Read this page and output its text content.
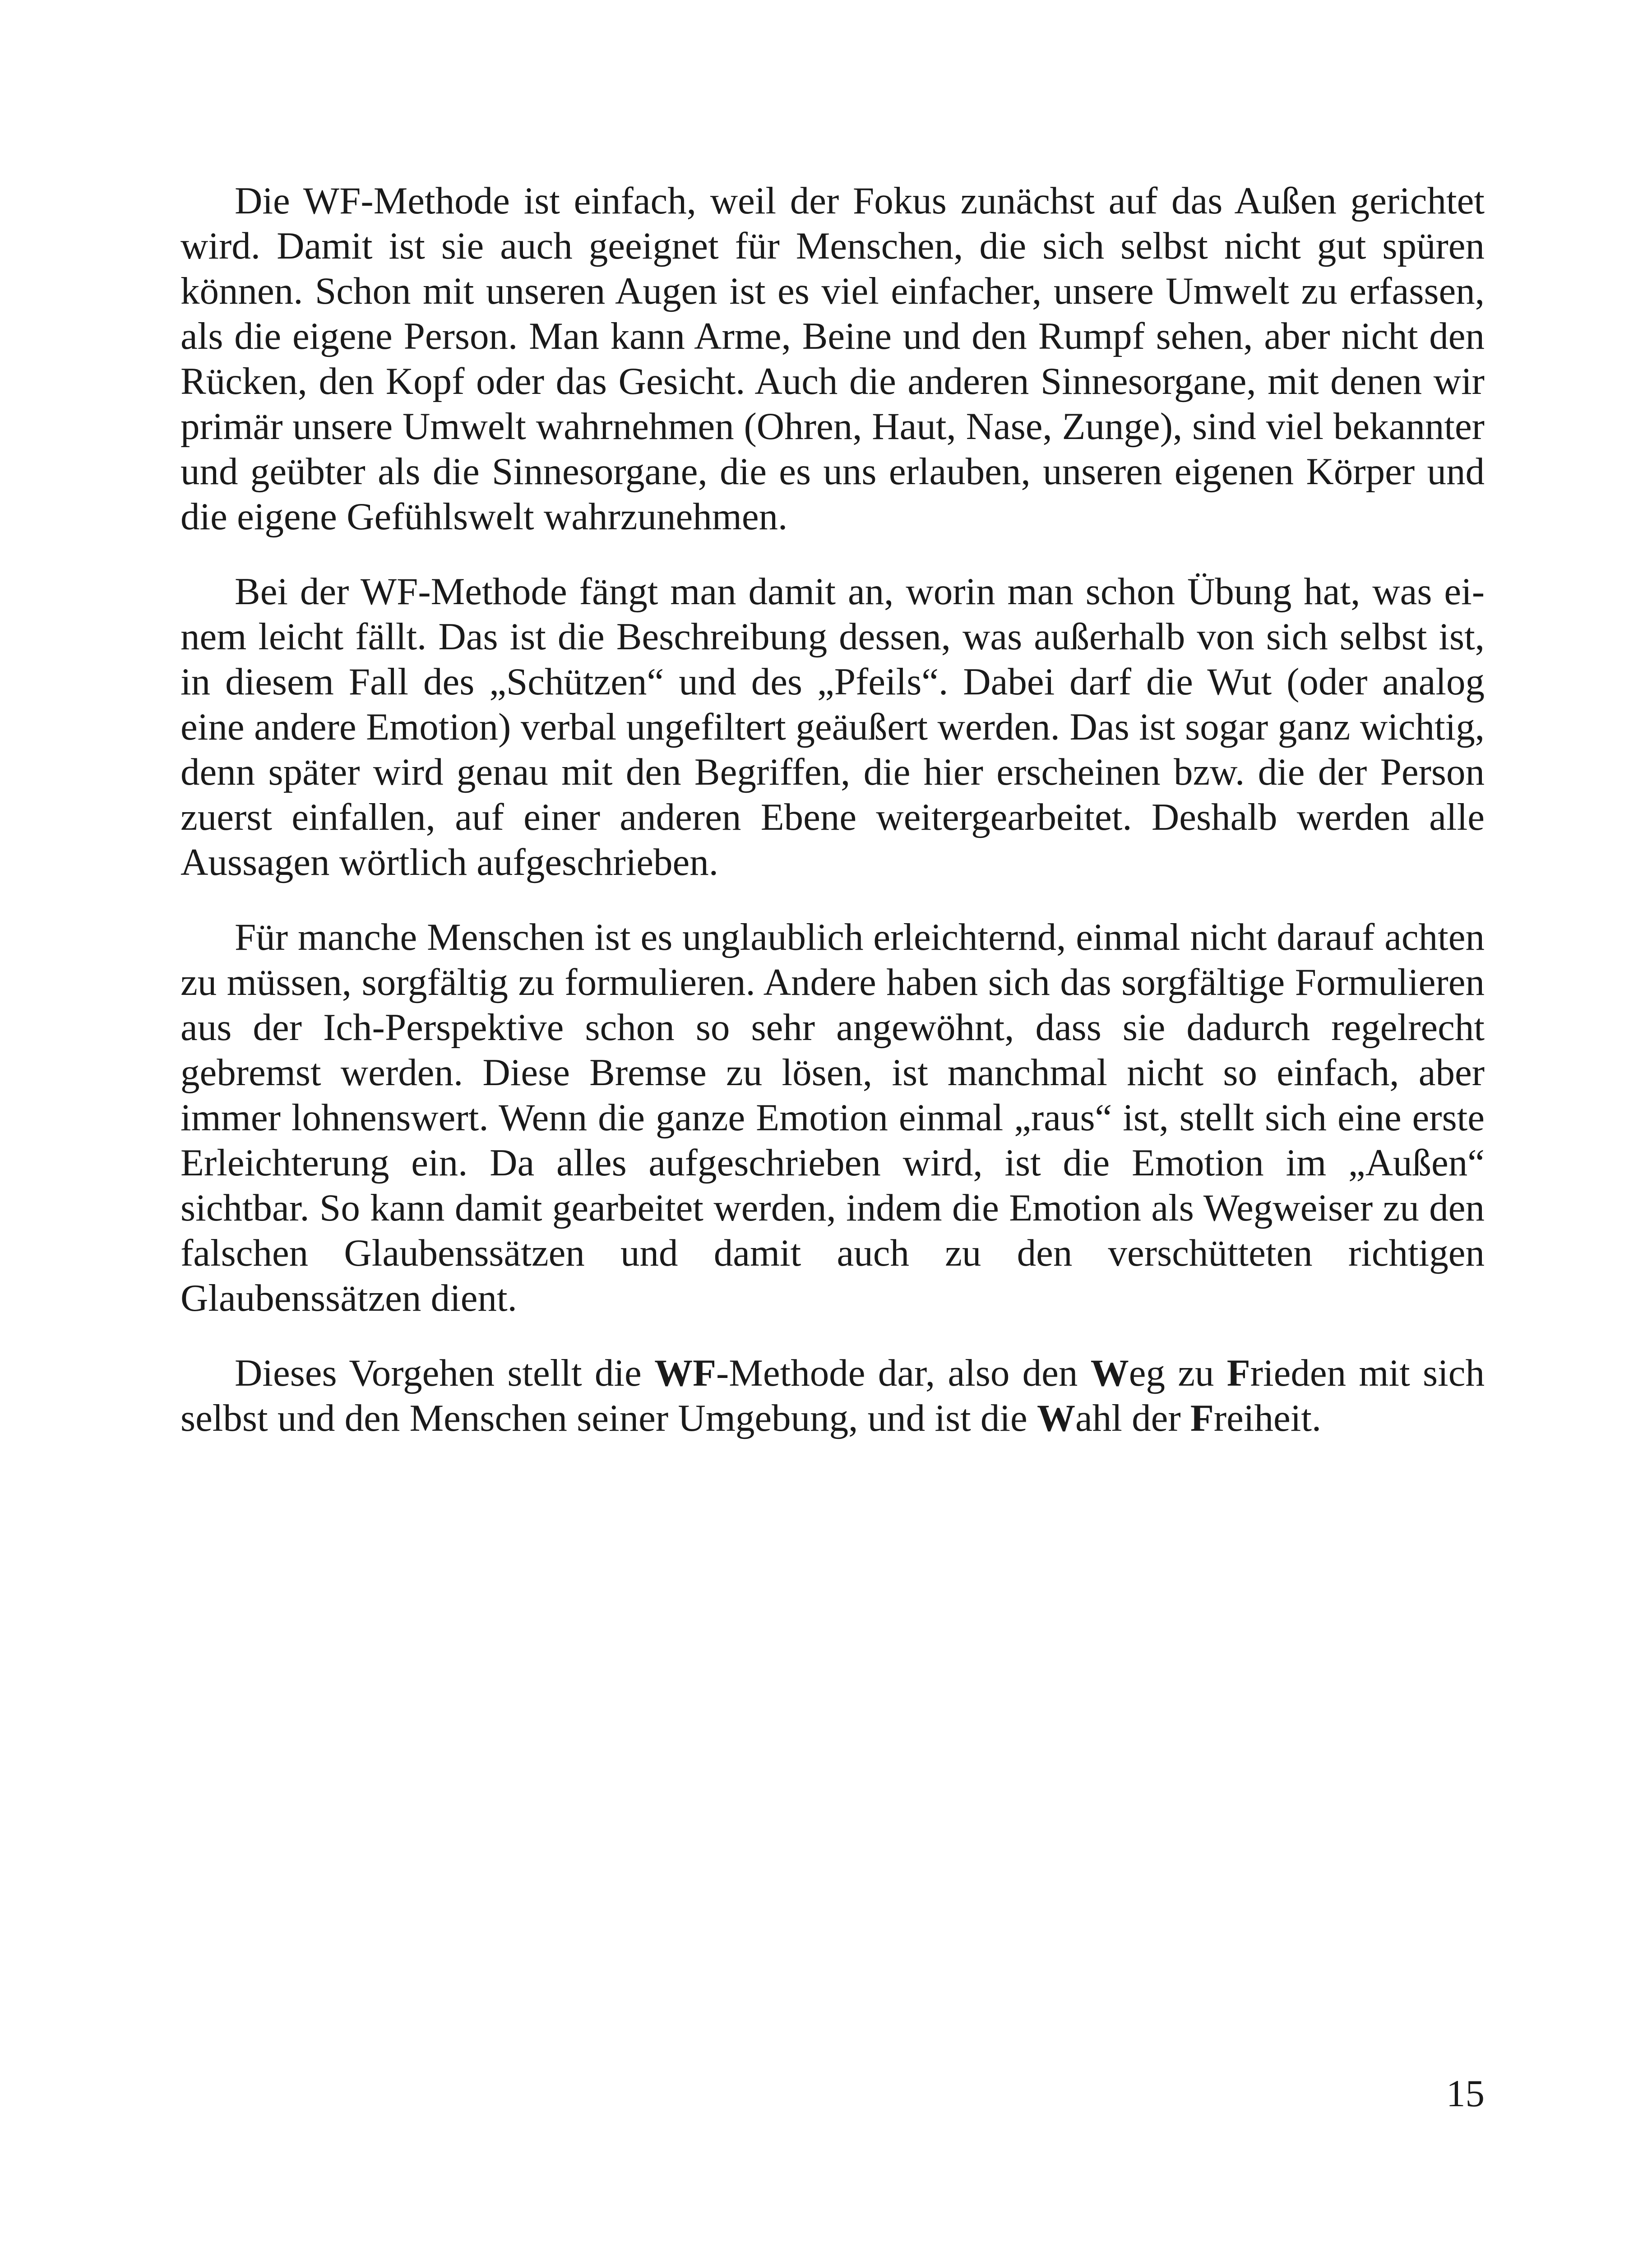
Die WF-Methode ist einfach, weil der Fokus zunächst auf das Außen gerichtet wird. Damit ist sie auch geeignet für Menschen, die sich selbst nicht gut spüren können. Schon mit unseren Augen ist es viel einfacher, unsere Umwelt zu erfassen, als die eigene Person. Man kann Arme, Beine und den Rumpf sehen, aber nicht den Rücken, den Kopf oder das Gesicht. Auch die anderen Sinnesorgane, mit denen wir primär unsere Umwelt wahrnehmen (Ohren, Haut, Nase, Zunge), sind viel bekannter und geübter als die Sinnesorgane, die es uns erlauben, unseren eigenen Körper und die eigene Gefühlswelt wahrzunehmen.

Bei der WF-Methode fängt man damit an, worin man schon Übung hat, was einem leicht fällt. Das ist die Beschreibung dessen, was außerhalb von sich selbst ist, in diesem Fall des „Schützen“ und des „Pfeils“. Dabei darf die Wut (oder analog eine andere Emotion) verbal ungefiltert geäußert werden. Das ist sogar ganz wichtig, denn später wird genau mit den Begriffen, die hier erscheinen bzw. die der Person zuerst einfallen, auf einer anderen Ebene weitergearbeitet. Deshalb werden alle Aussagen wörtlich aufgeschrieben.

Für manche Menschen ist es unglaublich erleichternd, einmal nicht darauf achten zu müssen, sorgfältig zu formulieren. Andere haben sich das sorgfältige Formulieren aus der Ich-Perspektive schon so sehr angewöhnt, dass sie dadurch regelrecht gebremst werden. Diese Bremse zu lösen, ist manchmal nicht so einfach, aber immer lohnenswert. Wenn die ganze Emotion einmal „raus“ ist, stellt sich eine erste Erleichterung ein. Da alles aufgeschrieben wird, ist die Emotion im „Außen“ sichtbar. So kann damit gearbeitet werden, indem die Emotion als Wegweiser zu den falschen Glaubenssätzen und damit auch zu den verschütteten richtigen Glaubenssätzen dient.

Dieses Vorgehen stellt die WF-Methode dar, also den Weg zu Frieden mit sich selbst und den Menschen seiner Umgebung, und ist die Wahl der Freiheit.

15
